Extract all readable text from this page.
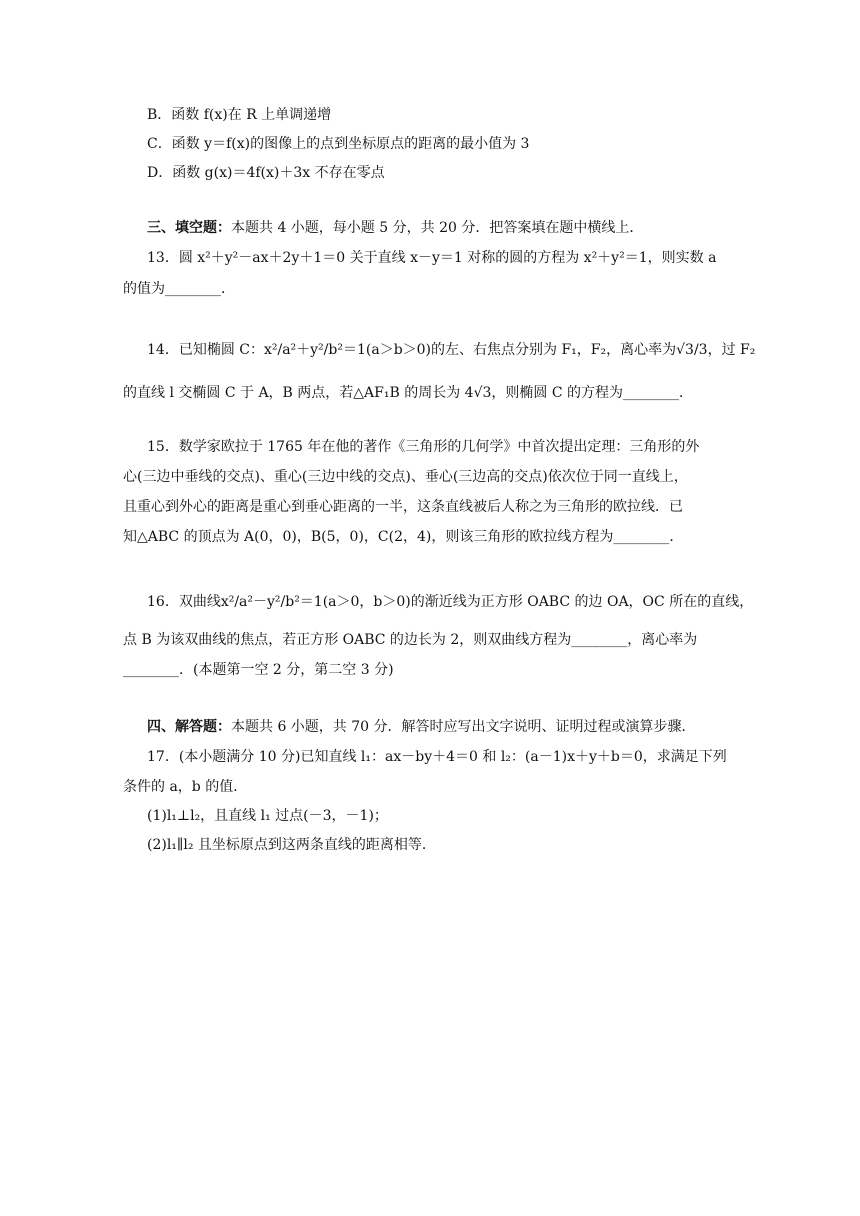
B．函数 f(x)在 R 上单调递增
C．函数 y＝f(x)的图像上的点到坐标原点的距离的最小值为 3
D．函数 g(x)＝4f(x)＋3x 不存在零点
三、填空题：本题共 4 小题，每小题 5 分，共 20 分．把答案填在题中横线上．
13．圆 x²＋y²－ax＋2y＋1＝0 关于直线 x－y＝1 对称的圆的方程为 x²＋y²＝1，则实数 a
的值为________．
14．已知椭圆 C：x²/a²＋y²/b²＝1(a＞b＞0)的左、右焦点分别为 F₁，F₂，离心率为√3/3，过 F₂
的直线 l 交椭圆 C 于 A，B 两点，若△AF₁B 的周长为 4√3，则椭圆 C 的方程为________．
15．数学家欧拉于 1765 年在他的著作《三角形的几何学》中首次提出定理：三角形的外
心(三边中垂线的交点)、重心(三边中线的交点)、垂心(三边高的交点)依次位于同一直线上，
且重心到外心的距离是重心到垂心距离的一半，这条直线被后人称之为三角形的欧拉线．已
知△ABC 的顶点为 A(0，0)，B(5，0)，C(2，4)，则该三角形的欧拉线方程为________．
16．双曲线x²/a²－y²/b²＝1(a＞0，b＞0)的渐近线为正方形 OABC 的边 OA，OC 所在的直线，
点 B 为该双曲线的焦点，若正方形 OABC 的边长为 2，则双曲线方程为________，离心率为
________．(本题第一空 2 分，第二空 3 分)
四、解答题：本题共 6 小题，共 70 分．解答时应写出文字说明、证明过程或演算步骤．
17．(本小题满分 10 分)已知直线 l₁：ax－by＋4＝0 和 l₂：(a－1)x＋y＋b＝0，求满足下列
条件的 a，b 的值．
(1)l₁⊥l₂，且直线 l₁ 过点(－3，－1)；
(2)l₁∥l₂ 且坐标原点到这两条直线的距离相等．
